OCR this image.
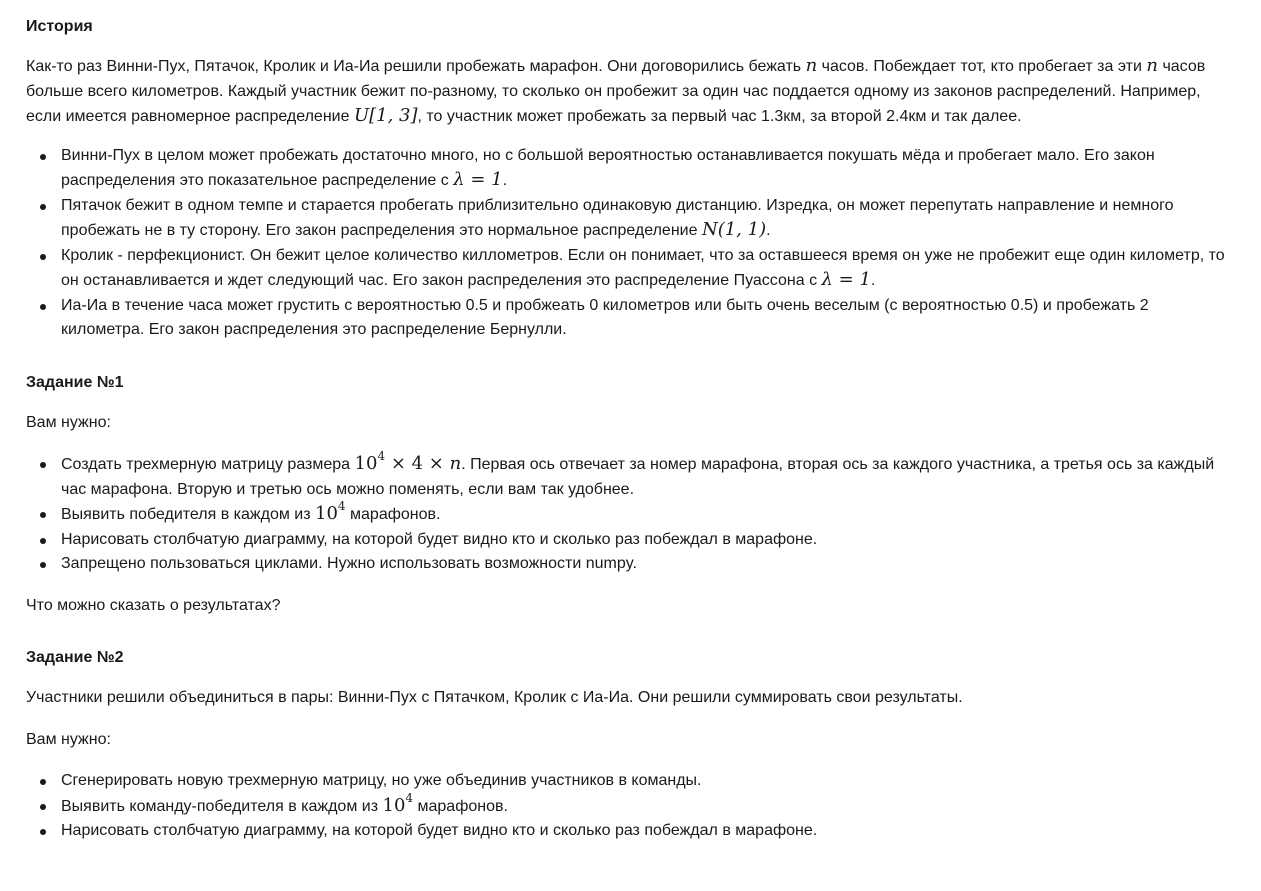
История

Как-то раз Винни-Пух, Пятачок, Кролик и Иа-Иа решили пробежать марафон. Они договорились бежать n часов. Побеждает тот, кто пробегает за эти n часов больше всего километров. Каждый участник бежит по-разному, то сколько он пробежит за один час поддается одному из законов распределений. Например, если имеется равномерное распределение U[1, 3], то участник может пробежать за первый час 1.3км, за второй 2.4км и так далее.

Винни-Пух в целом может пробежать достаточно много, но с большой вероятностью останавливается покушать мёда и пробегает мало. Его закон распределения это показательное распределение с λ = 1.
Пятачок бежит в одном темпе и старается пробегать приблизительно одинаковую дистанцию. Изредка, он может перепутать направление и немного пробежать не в ту сторону. Его закон распределения это нормальное распределение N(1, 1).
Кролик - перфекционист. Он бежит целое количество киллометров. Если он понимает, что за оставшееся время он уже не пробежит еще один километр, то он останавливается и ждет следующий час. Его закон распределения это распределение Пуассона с λ = 1.
Иа-Иа в течение часа может грустить с вероятностью 0.5 и пробжеать 0 километров или быть очень веселым (с вероятностью 0.5) и пробежать 2 километра. Его закон распределения это распределение Бернулли.

Задание №1

Вам нужно:

Создать трехмерную матрицу размера $10^4 \times 4 \times n$. Первая ось отвечает за номер марафона, вторая ось за каждого участника, а третья ось за каждый час марафона. Вторую и третью ось можно поменять, если вам так удобнее.
Выявить победителя в каждом из $10^4$ марафонов.
Нарисовать столбчатую диаграмму, на которой будет видно кто и сколько раз побеждал в марафоне.
Запрещено пользоваться циклами. Нужно использовать возможности numpy.

Что можно сказать о результатах?

Задание №2

Участники решили объединиться в пары: Винни-Пух с Пятачком, Кролик с Иа-Иа. Они решили суммировать свои результаты.

Вам нужно:

Сгенерировать новую трехмерную матрицу, но уже объединив участников в команды.
Выявить команду-победителя в каждом из $10^4$ марафонов.
Нарисовать столбчатую диаграмму, на которой будет видно кто и сколько раз побеждал в марафоне.
